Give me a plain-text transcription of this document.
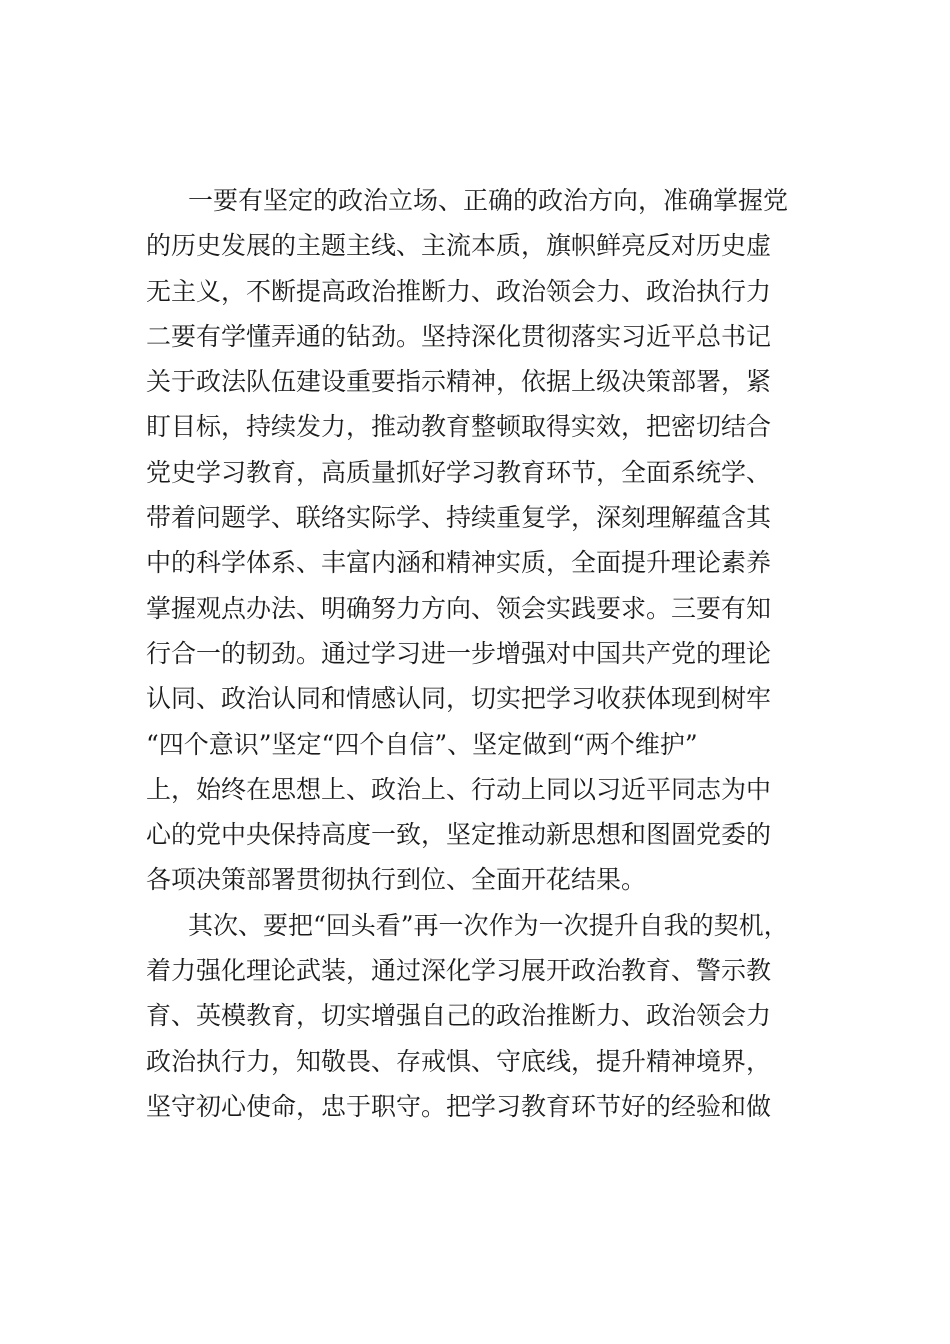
一要有坚定的政治立场、正确的政治方向，准确掌握党
的历史发展的主题主线、主流本质，旗帜鲜亮反对历史虚
无主义，不断提高政治推断力、政治领会力、政治执行力
二要有学懂弄通的钻劲。坚持深化贯彻落实习近平总书记
关于政法队伍建设重要指示精神，依据上级决策部署，紧
盯目标，持续发力，推动教育整顿取得实效，把密切结合
党史学习教育，高质量抓好学习教育环节，全面系统学、
带着问题学、联络实际学、持续重复学，深刻理解蕴含其
中的科学体系、丰富内涵和精神实质，全面提升理论素养
掌握观点办法、明确努力方向、领会实践要求。三要有知
行合一的韧劲。通过学习进一步增强对中国共产党的理论
认同、政治认同和情感认同，切实把学习收获体现到树牢
“四个意识”坚定“四个自信”、坚定做到“两个维护”
上，始终在思想上、政治上、行动上同以习近平同志为中
心的党中央保持高度一致，坚定推动新思想和图圄党委的
各项决策部署贯彻执行到位、全面开花结果。
其次、要把“回头看”再一次作为一次提升自我的契机，
着力强化理论武装，通过深化学习展开政治教育、警示教
育、英模教育，切实增强自己的政治推断力、政治领会力
政治执行力，知敬畏、存戒惧、守底线，提升精神境界，
坚守初心使命，忠于职守。把学习教育环节好的经验和做
